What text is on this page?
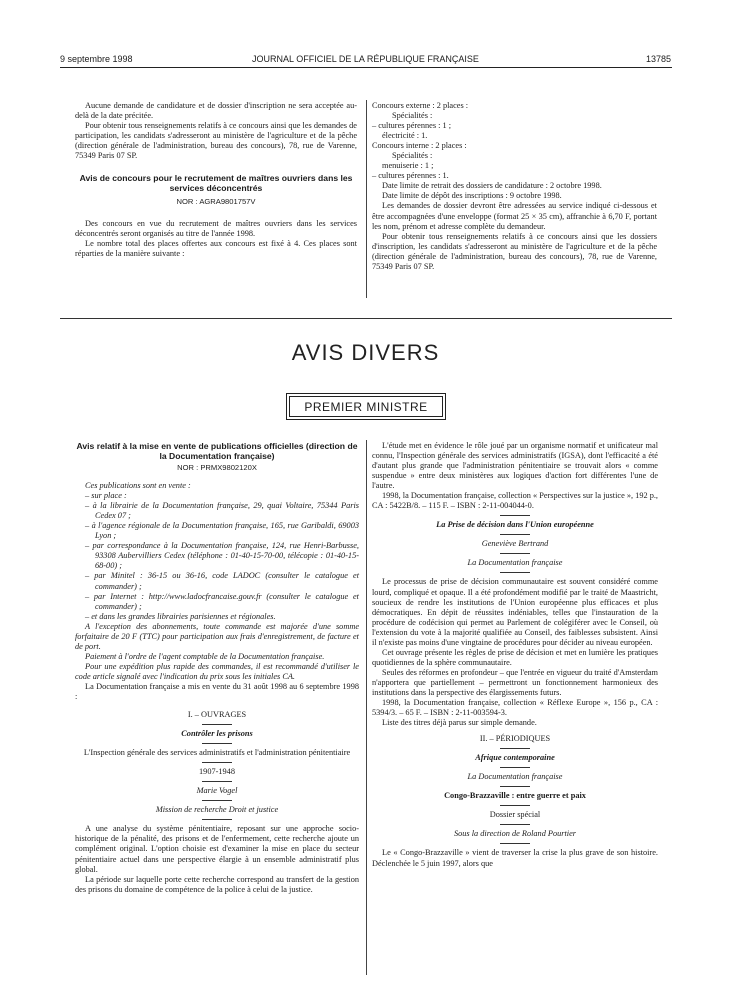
9 septembre 1998	JOURNAL OFFICIEL DE LA RÉPUBLIQUE FRANÇAISE	13785

Aucune demande de candidature et de dossier d'inscription ne sera acceptée au-delà de la date précitée.

Pour obtenir tous renseignements relatifs à ce concours ainsi que les demandes de participation, les candidats s'adresseront au ministère de l'agriculture et de la pêche (direction générale de l'administration, bureau des concours), 78, rue de Varenne, 75349 Paris 07 SP.

Avis de concours pour le recrutement de maîtres ouvriers dans les services déconcentrés

NOR : AGRA9801757V

Des concours en vue du recrutement de maîtres ouvriers dans les services déconcentrés seront organisés au titre de l'année 1998.

Le nombre total des places offertes aux concours est fixé à 4. Ces places sont réparties de la manière suivante :

Concours externe : 2 places :

Spécialités :

– cultures pérennes : 1 ;

électricité : 1.

Concours interne : 2 places :

Spécialités :

menuiserie : 1 ;

– cultures pérennes : 1.

Date limite de retrait des dossiers de candidature : 2 octobre 1998.

Date limite de dépôt des inscriptions : 9 octobre 1998.

Les demandes de dossier devront être adressées au service indiqué ci-dessous et être accompagnées d'une enveloppe (format 25 × 35 cm), affranchie à 6,70 F, portant les nom, prénom et adresse complète du demandeur.

Pour obtenir tous renseignements relatifs à ce concours ainsi que les dossiers d'inscription, les candidats s'adresseront au ministère de l'agriculture et de la pêche (direction générale de l'administration, bureau des concours), 78, rue de Varenne, 75349 Paris 07 SP.

AVIS DIVERS
PREMIER MINISTRE

Avis relatif à la mise en vente de publications officielles (direction de la Documentation française)

NOR : PRMX9802120X

Ces publications sont en vente :

– sur place :

– à la librairie de la Documentation française, 29, quai Voltaire, 75344 Paris Cedex 07 ;

– à l'agence régionale de la Documentation française, 165, rue Garibaldi, 69003 Lyon ;

– par correspondance à la Documentation française, 124, rue Henri-Barbusse, 93308 Aubervilliers Cedex (téléphone : 01-40-15-70-00, télécopie : 01-40-15-68-00) ;

– par Minitel : 36-15 ou 36-16, code LADOC (consulter le catalogue et commander) ;

– par Internet : http://www.ladocfrancaise.gouv.fr (consulter le catalogue et commander) ;

– et dans les grandes librairies parisiennes et régionales.

A l'exception des abonnements, toute commande est majorée d'une somme forfaitaire de 20 F (TTC) pour participation aux frais d'enregistrement, de facture et de port.

Paiement à l'ordre de l'agent comptable de la Documentation française.

Pour une expédition plus rapide des commandes, il est recommandé d'utiliser le code article signalé avec l'indication du prix sous les initiales CA.

La Documentation française a mis en vente du 31 août 1998 au 6 septembre 1998 :

I. – OUVRAGES

Contrôler les prisons

L'Inspection générale des services administratifs et l'administration pénitentiaire

1907-1948

Marie Vogel

Mission de recherche Droit et justice

A une analyse du système pénitentiaire, reposant sur une approche socio-historique de la pénalité, des prisons et de l'enfermement, cette recherche ajoute un complément original. L'option choisie est d'examiner la mise en place du secteur pénitentiaire actuel dans une perspective élargie à un ensemble administratif plus global.

La période sur laquelle porte cette recherche correspond au transfert de la gestion des prisons du domaine de compétence de la police à celui de la justice.

L'étude met en évidence le rôle joué par un organisme normatif et unificateur mal connu, l'Inspection générale des services administratifs (IGSA), dont l'efficacité a été d'autant plus grande que l'administration pénitentiaire se trouvait alors « comme suspendue » entre deux ministères aux logiques d'action fort différentes l'une de l'autre.

1998, la Documentation française, collection « Perspectives sur la justice », 192 p., CA : 5422B/8. – 115 F. – ISBN : 2-11-004044-0.

La Prise de décision dans l'Union européenne

Geneviève Bertrand

La Documentation française

Le processus de prise de décision communautaire est souvent considéré comme lourd, compliqué et opaque. Il a été profondément modifié par le traité de Maastricht, soucieux de rendre les institutions de l'Union européenne plus efficaces et plus démocratiques. En dépit de réussites indéniables, telles que l'instauration de la procédure de codécision qui permet au Parlement de colégiférer avec le Conseil, où l'extension du vote à la majorité qualifiée au Conseil, des faiblesses subsistent. Ainsi il n'existe pas moins d'une vingtaine de procédures pour décider au niveau européen.

Cet ouvrage présente les règles de prise de décision et met en lumière les pratiques quotidiennes de la sphère communautaire.

Seules des réformes en profondeur – que l'entrée en vigueur du traité d'Amsterdam n'apportera que partiellement – permettront un fonctionnement harmonieux des institutions dans la perspective des élargissements futurs.

1998, la Documentation française, collection « Réflexe Europe », 156 p., CA : 5394/3. – 65 F. – ISBN : 2-11-003594-3.

Liste des titres déjà parus sur simple demande.

II. – PÉRIODIQUES

Afrique contemporaine

La Documentation française

Congo-Brazzaville : entre guerre et paix

Dossier spécial

Sous la direction de Roland Pourtier

Le « Congo-Brazzaville » vient de traverser la crise la plus grave de son histoire. Déclenchée le 5 juin 1997, alors que
